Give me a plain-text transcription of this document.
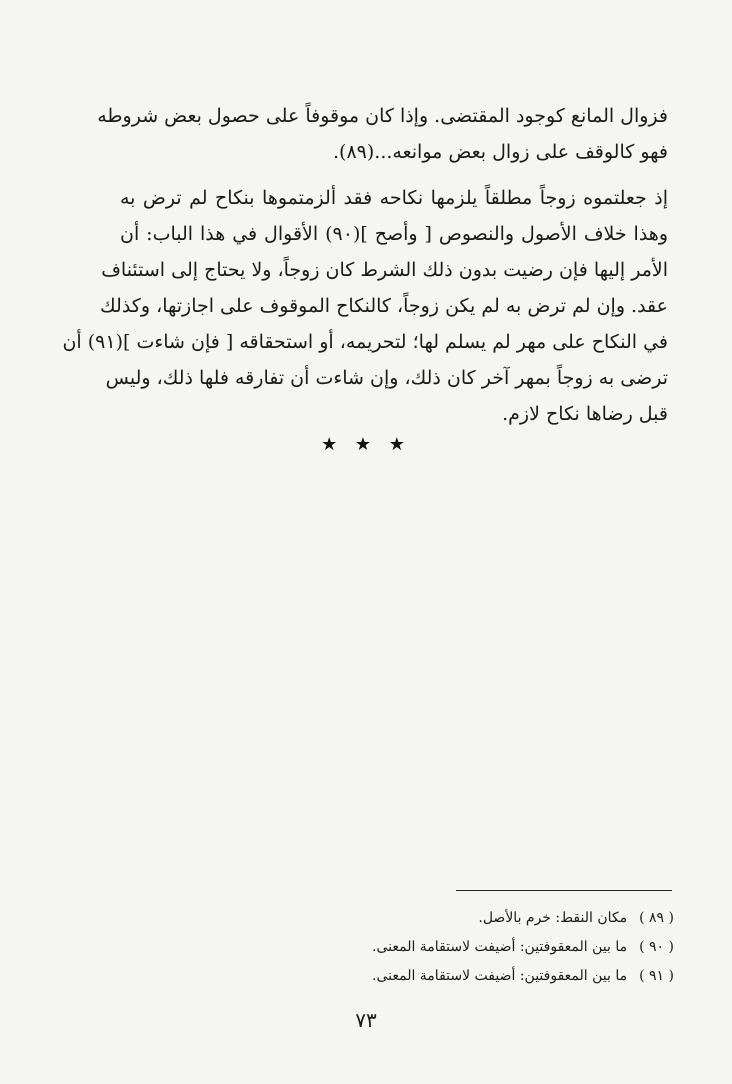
فزوال المانع كوجود المقتضى. وإذا كان موقوفاً على حصول بعض شروطه
فهو كالوقف على زوال بعض موانعه...(٨٩).
إذ جعلتموه زوجاً مطلقاً يلزمها نكاحه فقد ألزمتموها بنكاح لم ترض به
وهذا خلاف الأصول والنصوص [ وأصح ](٩٠) الأقوال في هذا الباب: أن
الأمر إليها فإن رضيت بدون ذلك الشرط كان زوجاً، ولا يحتاج إلى استئناف
عقد. وإن لم ترض به لم يكن زوجاً، كالنكاح الموقوف على اجازتها، وكذلك
في النكاح على مهر لم يسلم لها؛ لتحريمه، أو استحقاقه [ فإن شاءت ](٩١) أن
ترضى به زوجاً بمهر آخر كان ذلك، وإن شاءت أن تفارقه فلها ذلك، وليس
قبل رضاها نكاح لازم.
★ ★ ★
( ٨٩ )مكان النقط: خرم بالأصل.
( ٩٠ )ما بين المعقوفتين: أضيفت لاستقامة المعنى.
( ٩١ )ما بين المعقوفتين: أضيفت لاستقامة المعنى.
٧٣
